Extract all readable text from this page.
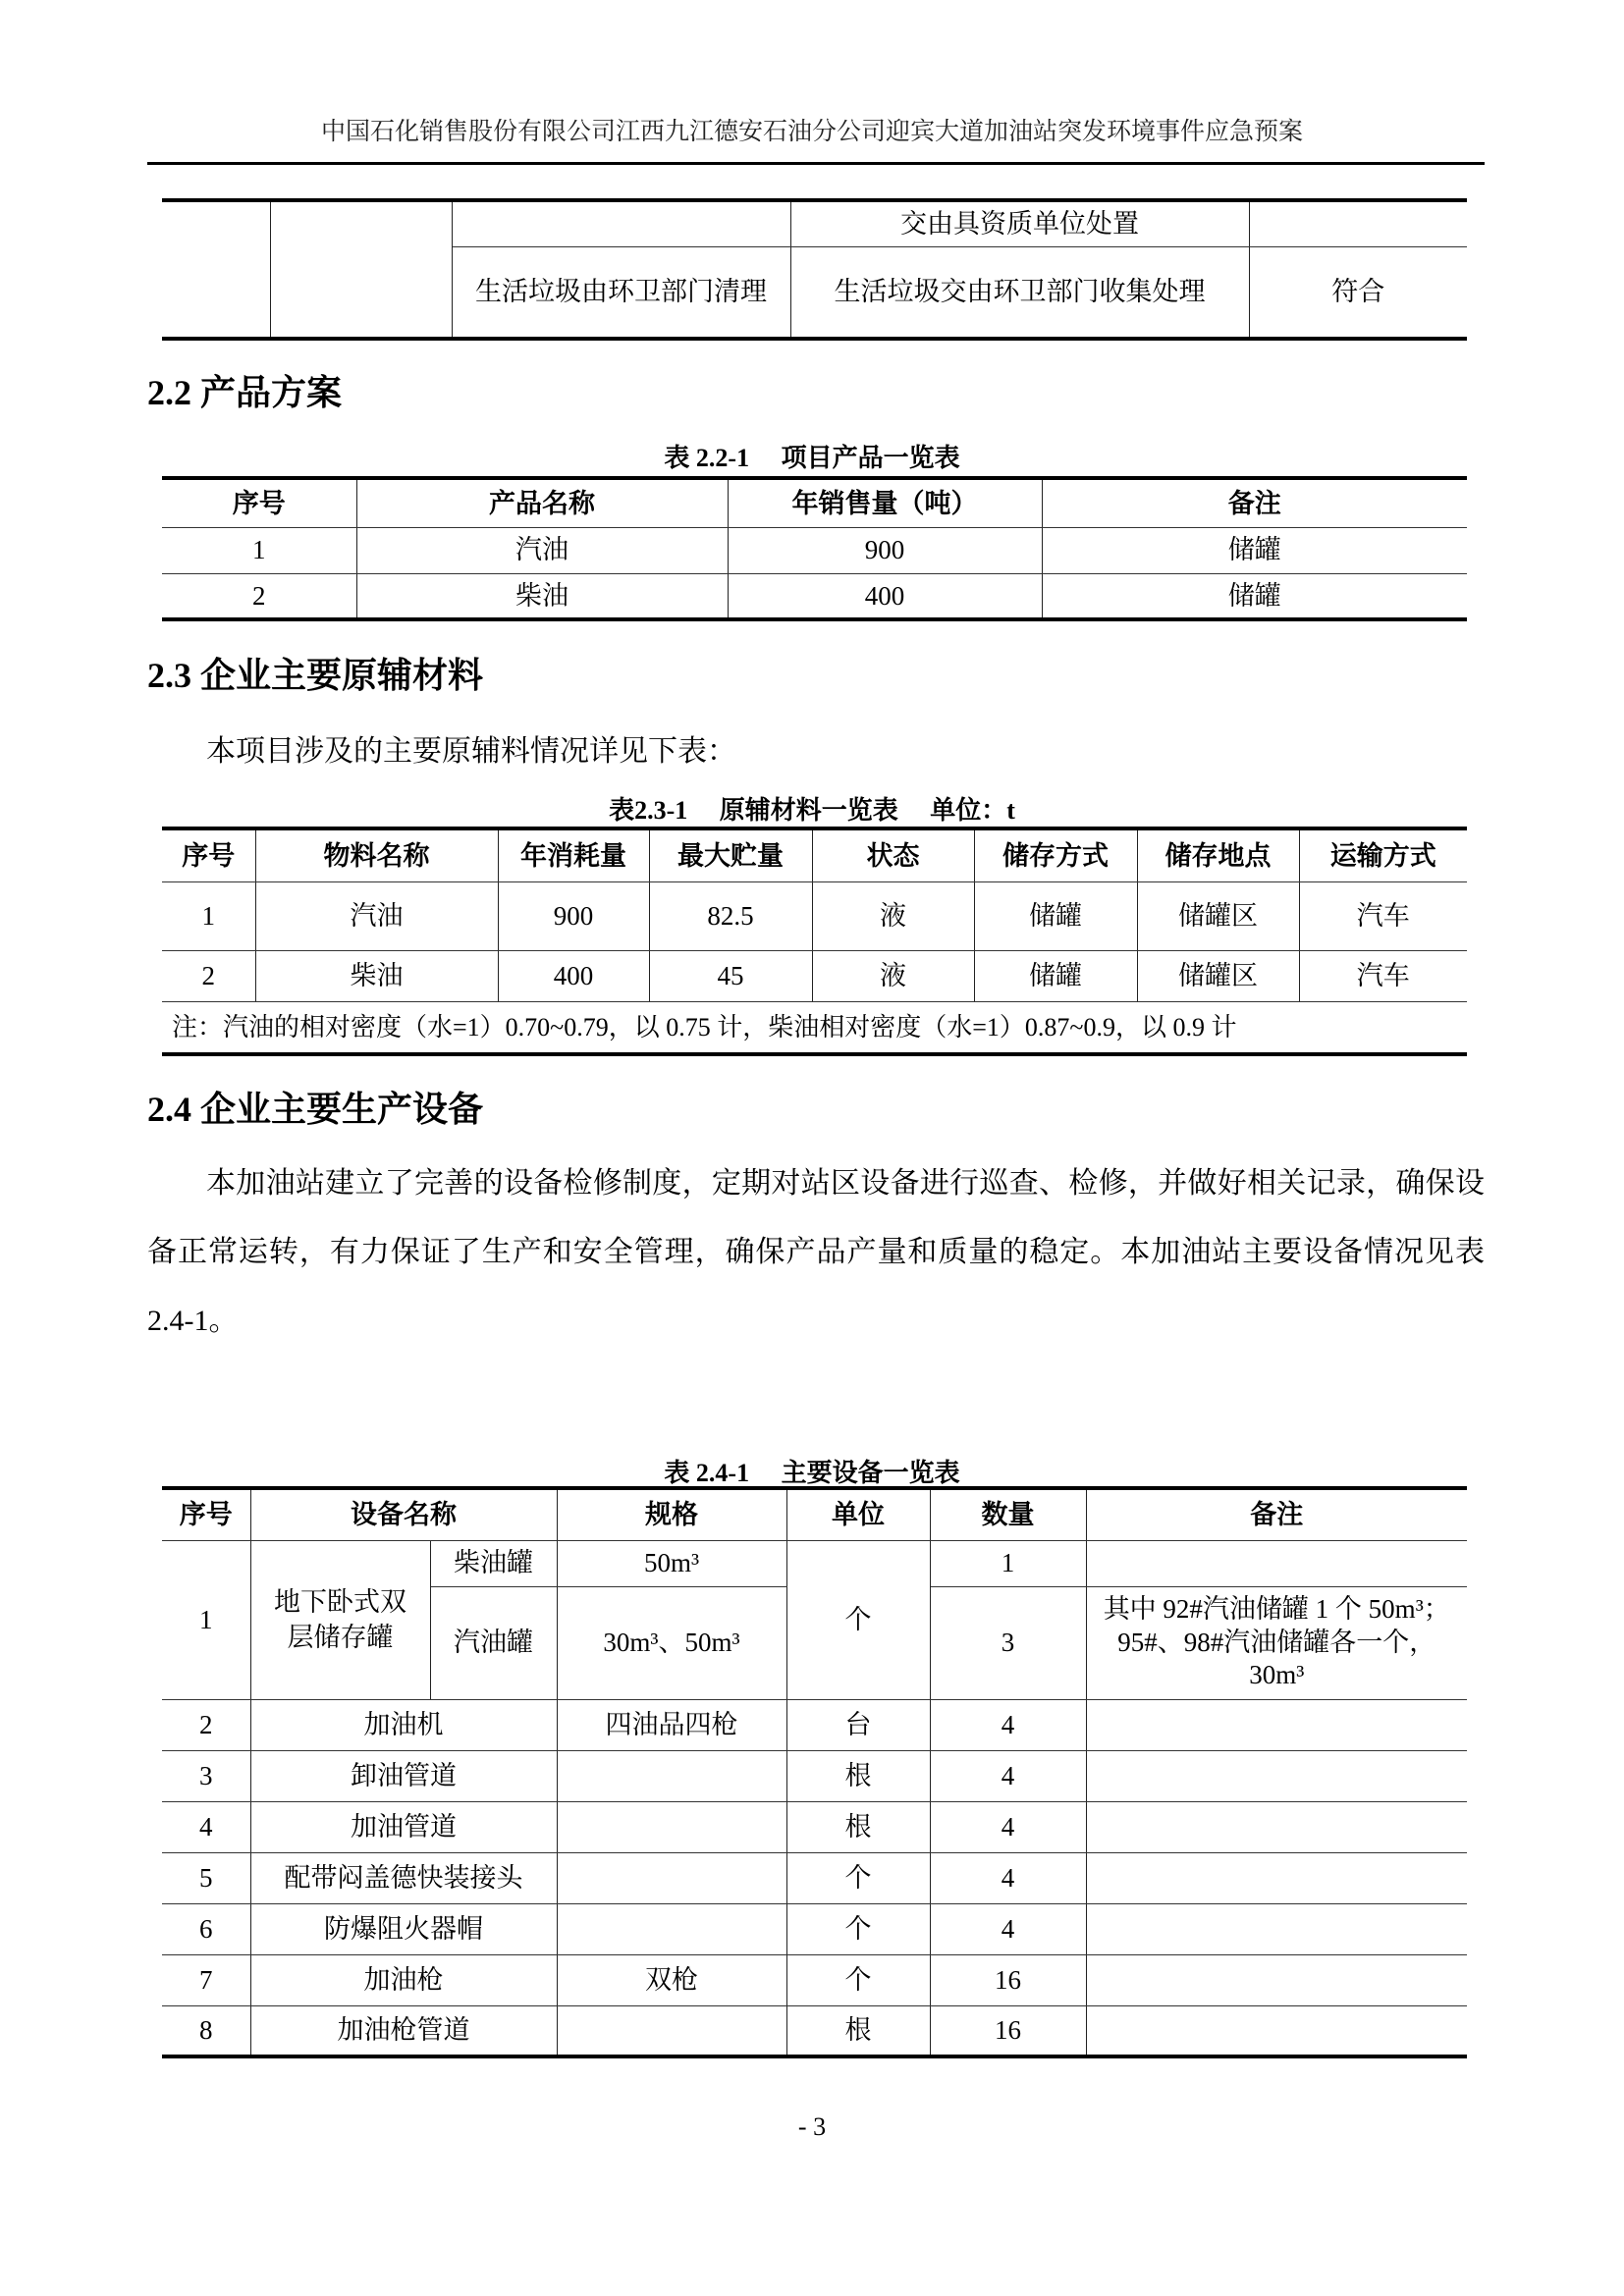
中国石化销售股份有限公司江西九江德安石油分公司迎宾大道加油站突发环境事件应急预案
			交由具资质单位处置	
		生活垃圾由环卫部门清理	生活垃圾交由环卫部门收集处理	符合
2.2 产品方案
表 2.2-1     项目产品一览表
序号	产品名称	年销售量（吨）	备注
1	汽油	900	储罐
2	柴油	400	储罐
2.3 企业主要原辅材料
本项目涉及的主要原辅料情况详见下表：
表2.3-1     原辅材料一览表     单位：t
序号	物料名称	年消耗量	最大贮量	状态	储存方式	储存地点	运输方式
1	汽油	900	82.5	液	储罐	储罐区	汽车
2	柴油	400	45	液	储罐	储罐区	汽车
注：汽油的相对密度（水=1）0.70~0.79，以 0.75 计，柴油相对密度（水=1）0.87~0.9，以 0.9 计							
2.4 企业主要生产设备
本加油站建立了完善的设备检修制度，定期对站区设备进行巡查、检修，并做好相关记录，确保设备正常运转，有力保证了生产和安全管理，确保产品产量和质量的稳定。本加油站主要设备情况见表 2.4-1。
表 2.4-1     主要设备一览表
序号	设备名称		规格	单位	数量	备注
1	地下卧式双层储存罐	柴油罐	50m³	个	1	
		汽油罐	30m³、50m³		3	其中 92#汽油储罐 1 个 50m³；95#、98#汽油储罐各一个，30m³
2	加油机		四油品四枪	台	4	
3	卸油管道			根	4	
4	加油管道			根	4	
5	配带闷盖德快装接头			个	4	
6	防爆阻火器帽			个	4	
7	加油枪		双枪	个	16	
8	加油枪管道			根	16	
- 3
